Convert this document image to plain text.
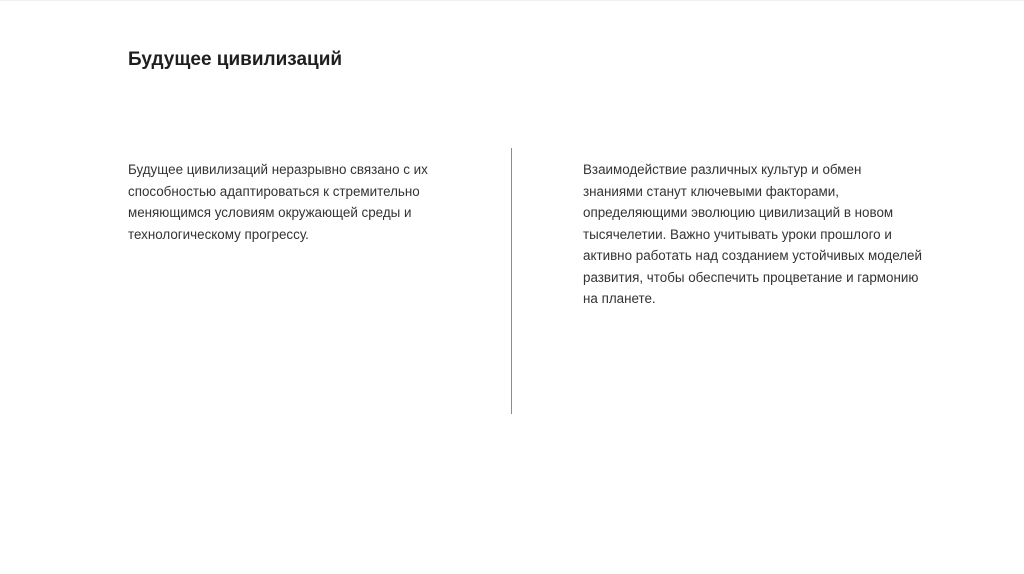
Будущее цивилизаций

Будущее цивилизаций неразрывно связано с их способностью адаптироваться к стремительно меняющимся условиям окружающей среды и технологическому прогрессу.

Взаимодействие различных культур и обмен знаниями станут ключевыми факторами, определяющими эволюцию цивилизаций в новом тысячелетии. Важно учитывать уроки прошлого и активно работать над созданием устойчивых моделей развития, чтобы обеспечить процветание и гармонию на планете.
